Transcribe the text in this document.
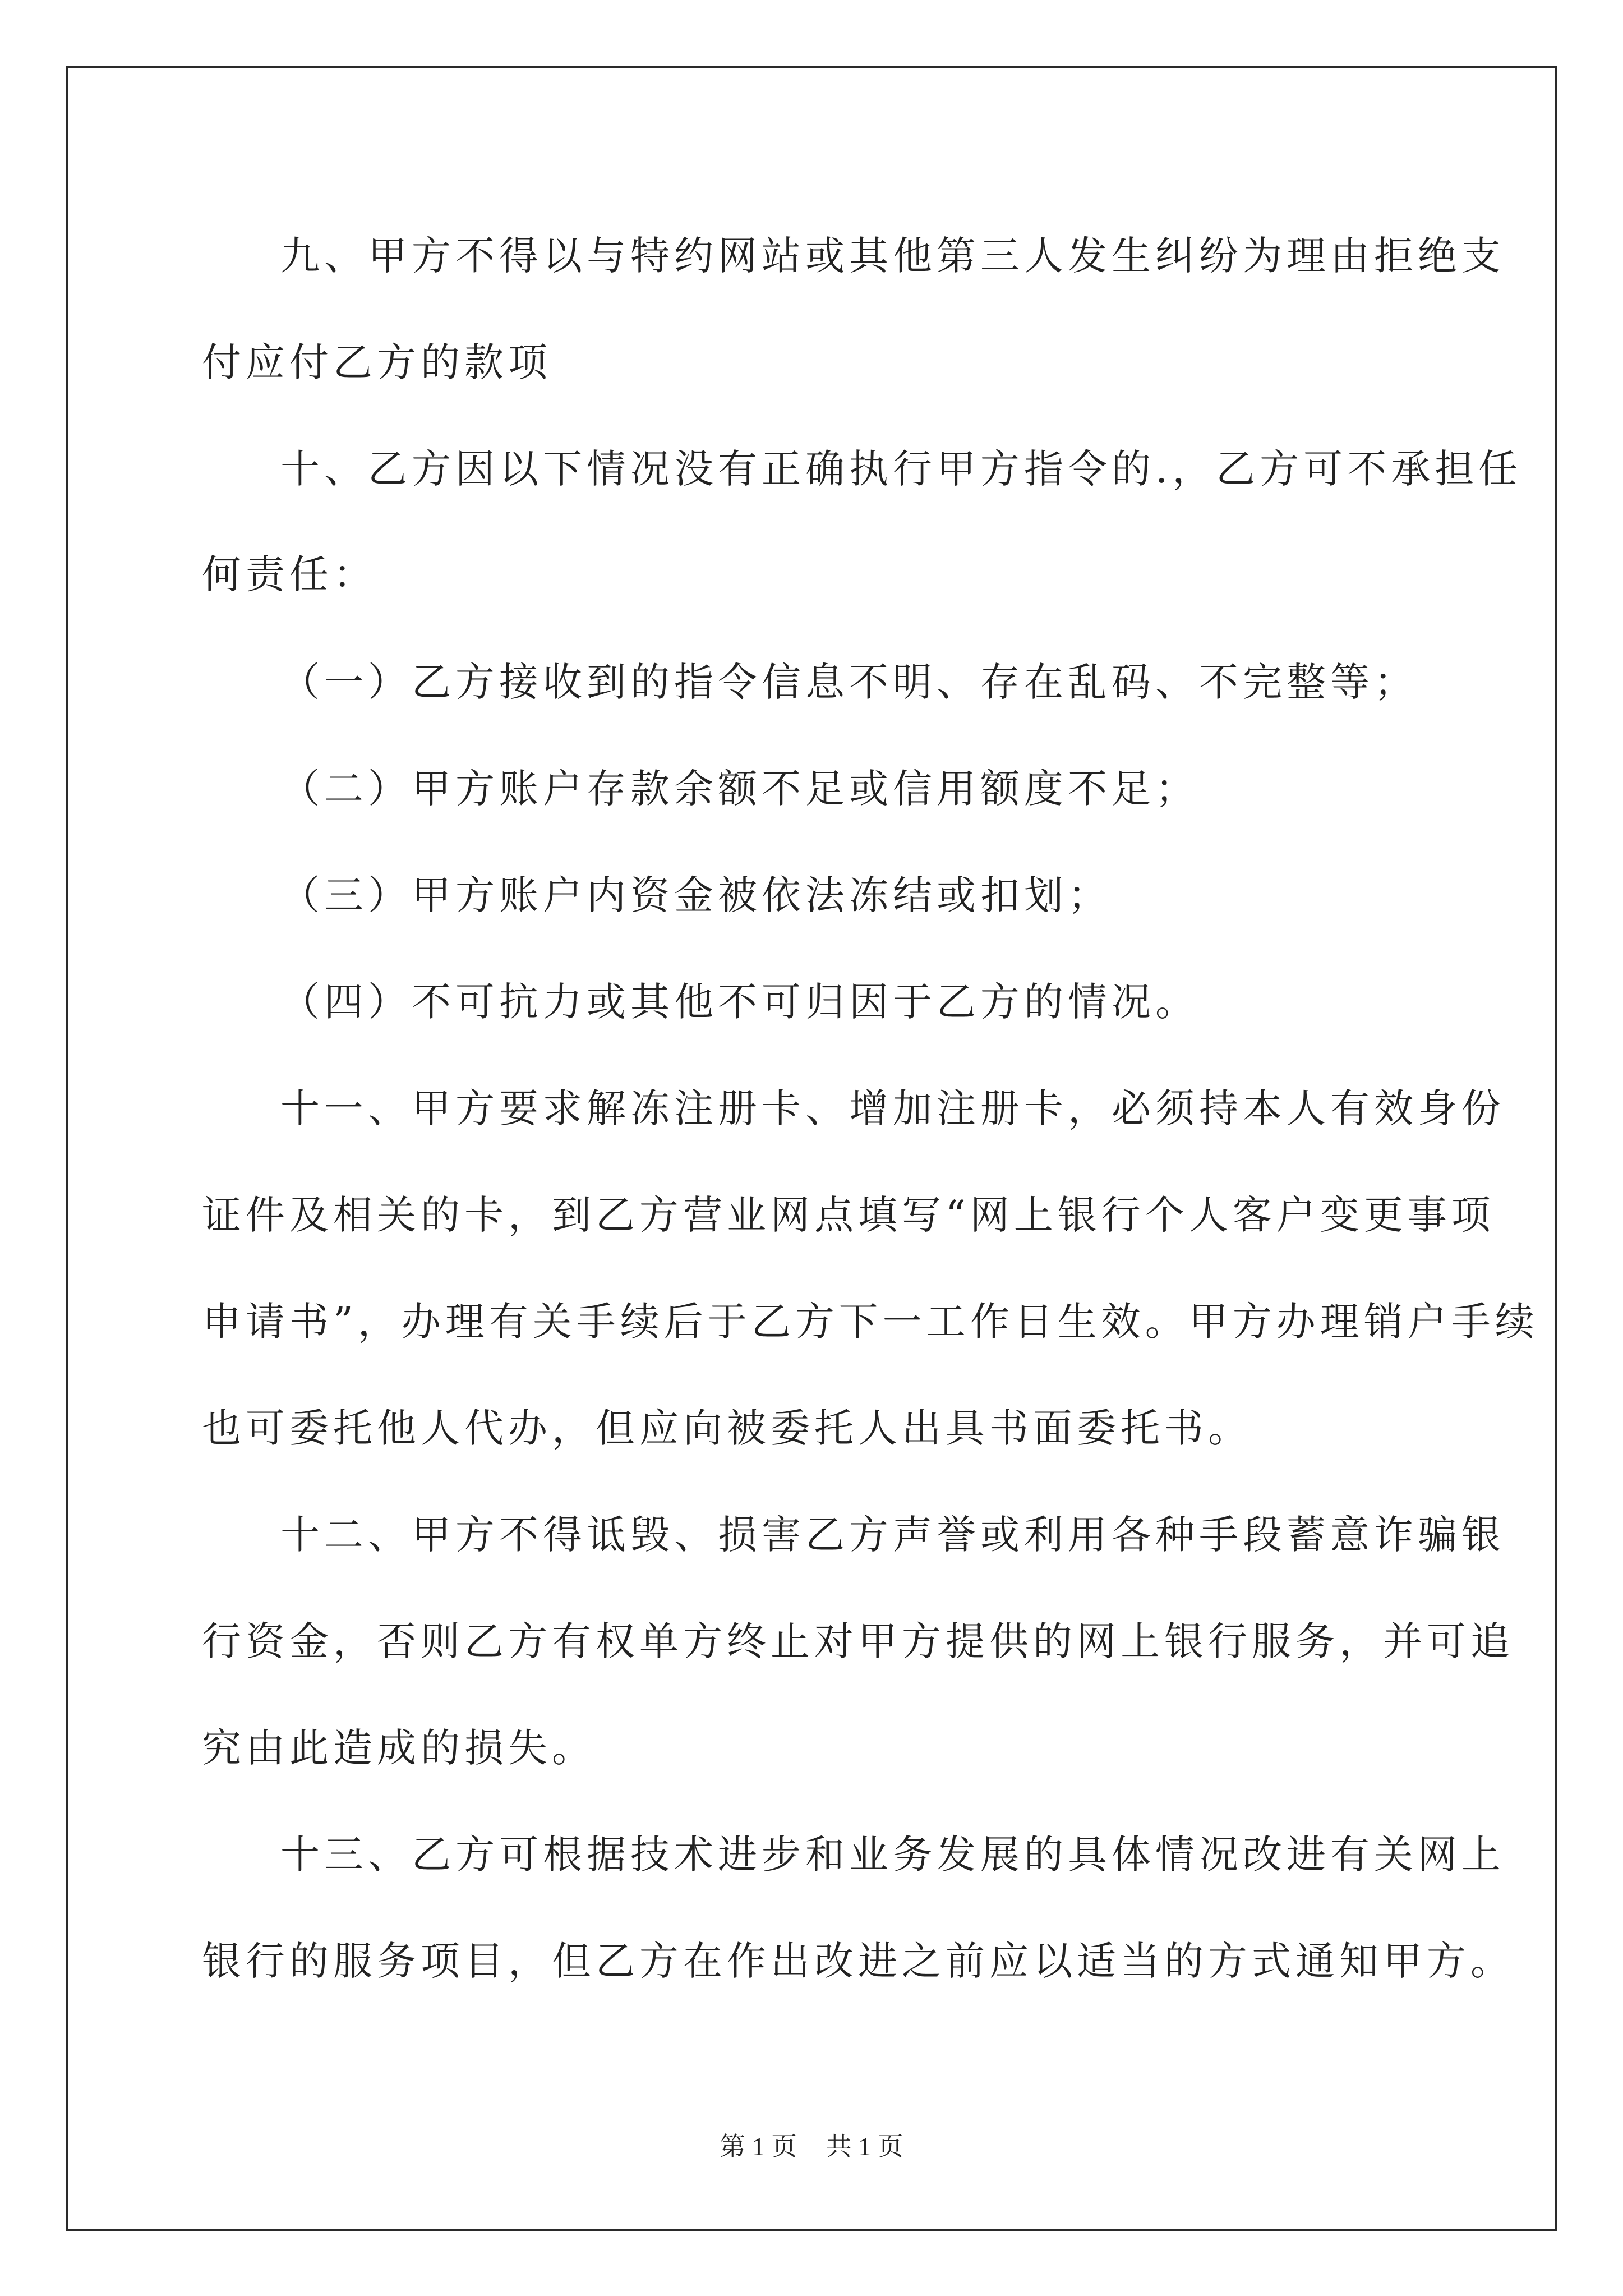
九、甲方不得以与特约网站或其他第三人发生纠纷为理由拒绝支

付应付乙方的款项

十、乙方因以下情况没有正确执行甲方指令的.，乙方可不承担任

何责任：

（一）乙方接收到的指令信息不明、存在乱码、不完整等；

（二）甲方账户存款余额不足或信用额度不足；

（三）甲方账户内资金被依法冻结或扣划；

（四）不可抗力或其他不可归因于乙方的情况。

十一、甲方要求解冻注册卡、增加注册卡，必须持本人有效身份

证件及相关的卡，到乙方营业网点填写“网上银行个人客户变更事项

申请书”，办理有关手续后于乙方下一工作日生效。甲方办理销户手续

也可委托他人代办，但应向被委托人出具书面委托书。

十二、甲方不得诋毁、损害乙方声誉或利用各种手段蓄意诈骗银

行资金，否则乙方有权单方终止对甲方提供的网上银行服务，并可追

究由此造成的损失。

十三、乙方可根据技术进步和业务发展的具体情况改进有关网上

银行的服务项目，但乙方在作出改进之前应以适当的方式通知甲方。

第 1 页 共 1 页
